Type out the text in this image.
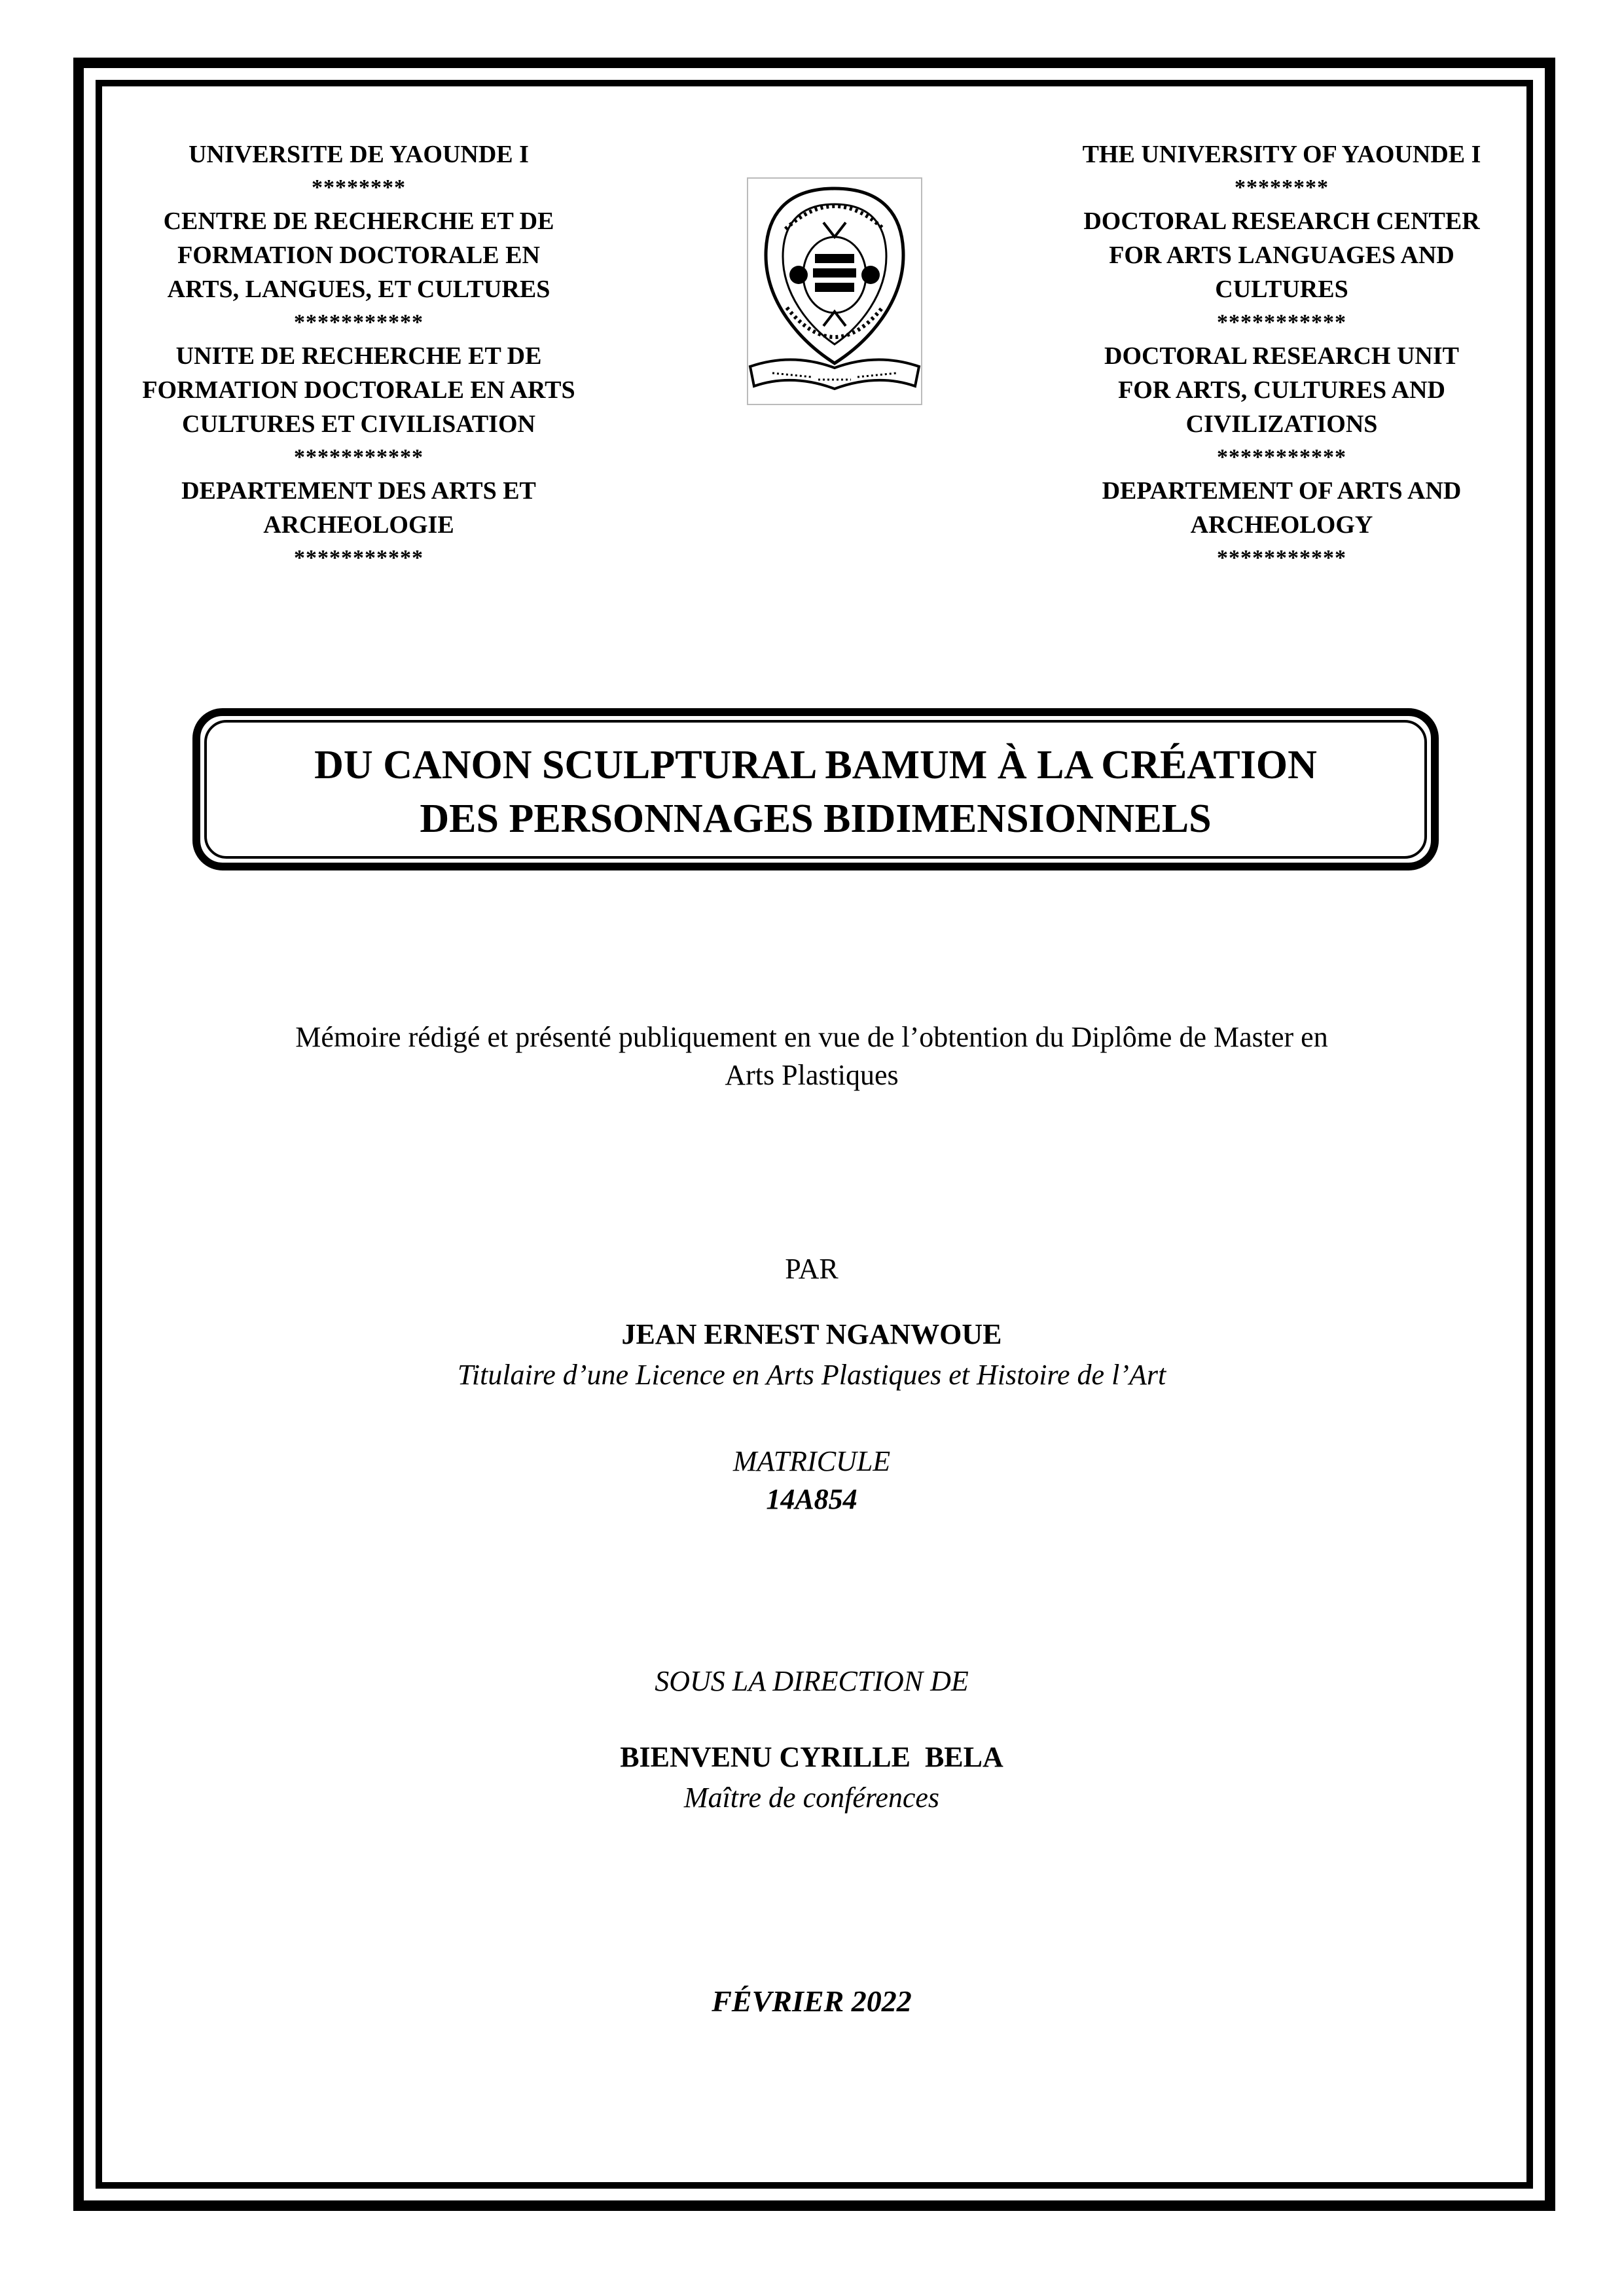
UNIVERSITE DE YAOUNDE I
********
CENTRE DE RECHERCHE ET DE
FORMATION DOCTORALE EN
ARTS, LANGUES, ET CULTURES
***********
UNITE DE RECHERCHE ET DE
FORMATION DOCTORALE EN ARTS
CULTURES ET CIVILISATION
***********
DEPARTEMENT DES ARTS ET
ARCHEOLOGIE
***********
THE UNIVERSITY OF YAOUNDE I
********
DOCTORAL RESEARCH CENTER
FOR ARTS LANGUAGES AND
CULTURES
***********
DOCTORAL RESEARCH UNIT
FOR ARTS, CULTURES AND
CIVILIZATIONS
***********
DEPARTEMENT OF ARTS AND
ARCHEOLOGY
***********
DU CANON SCULPTURAL BAMUM À LA CRÉATION
DES PERSONNAGES BIDIMENSIONNELS
Mémoire rédigé et présenté publiquement en vue de l’obtention du Diplôme de Master en
Arts Plastiques
PAR
JEAN ERNEST NGANWOUE
Titulaire d’une Licence en Arts Plastiques et Histoire de l’Art
MATRICULE
14A854
SOUS LA DIRECTION DE
BIENVENU CYRILLE  BELA
Maître de conférences
FÉVRIER 2022
